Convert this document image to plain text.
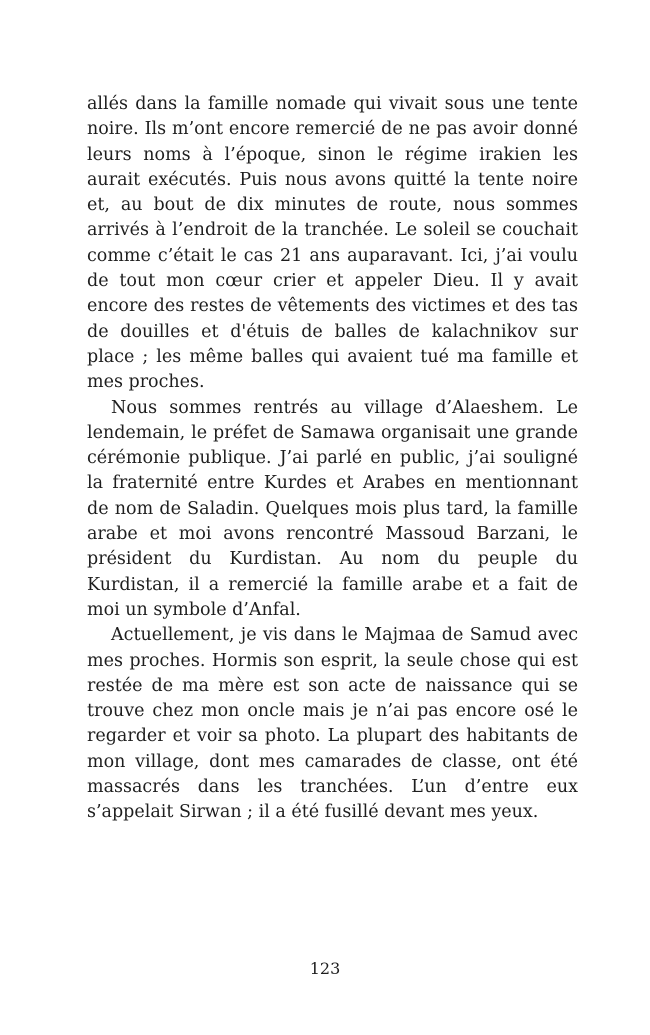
allés dans la famille nomade qui vivait sous une tente noire. Ils m’ont encore remercié de ne pas avoir donné leurs noms à l’époque, sinon le régime irakien les aurait exécutés. Puis nous avons quitté la tente noire et, au bout de dix minutes de route, nous sommes arrivés à l’endroit de la tranchée. Le soleil se couchait comme c’était le cas 21 ans auparavant. Ici, j’ai voulu de tout mon cœur crier et appeler Dieu. Il y avait encore des restes de vêtements des victimes et des tas de douilles et d'étuis de balles de kalachnikov sur place ; les même balles qui avaient tué ma famille et mes proches.

Nous sommes rentrés au village d’Alaeshem. Le lendemain, le préfet de Samawa organisait une grande cérémonie publique. J’ai parlé en public, j’ai souligné la fraternité entre Kurdes et Arabes en mentionnant de nom de Saladin. Quelques mois plus tard, la famille arabe et moi avons rencontré Massoud Barzani, le président du Kurdistan. Au nom du peuple du Kurdistan, il a remercié la famille arabe et a fait de moi un symbole d’Anfal.

Actuellement, je vis dans le Majmaa de Samud avec mes proches. Hormis son esprit, la seule chose qui est restée de ma mère est son acte de naissance qui se trouve chez mon oncle mais je n’ai pas encore osé le regarder et voir sa photo. La plupart des habitants de mon village, dont mes camarades de classe, ont été massacrés dans les tranchées. L’un d’entre eux s’appelait Sirwan ; il a été fusillé devant mes yeux.

123
